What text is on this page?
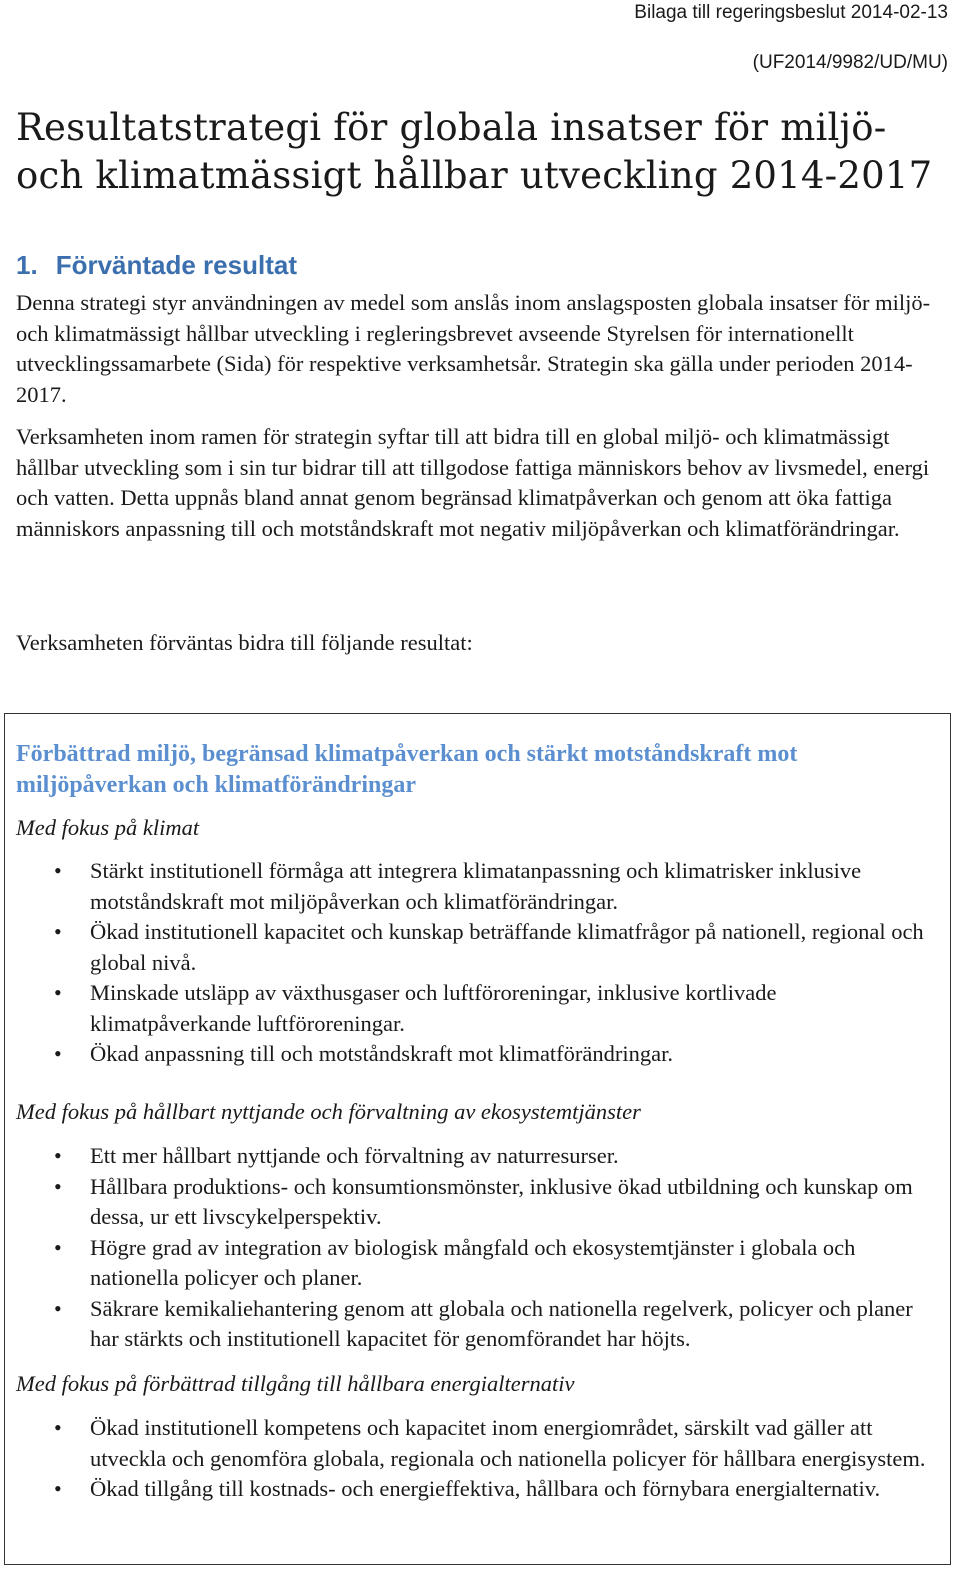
Bilaga till regeringsbeslut 2014-02-13
(UF2014/9982/UD/MU)
Resultatstrategi för globala insatser för miljö- och klimatmässigt hållbar utveckling 2014-2017
1. Förväntade resultat

Denna strategi styr användningen av medel som anslås inom anslagsposten globala insatser för miljö- och klimatmässigt hållbar utveckling i regleringsbrevet avseende Styrelsen för internationellt utvecklingssamarbete (Sida) för respektive verksamhetsår. Strategin ska gälla under perioden 2014-2017.

Verksamheten inom ramen för strategin syftar till att bidra till en global miljö- och klimatmässigt hållbar utveckling som i sin tur bidrar till att tillgodose fattiga människors behov av livsmedel, energi och vatten. Detta uppnås bland annat genom begränsad klimatpåverkan och genom att öka fattiga människors anpassning till och motståndskraft mot negativ miljöpåverkan och klimatförändringar.

Verksamheten förväntas bidra till följande resultat:

Förbättrad miljö, begränsad klimatpåverkan och stärkt motståndskraft mot miljöpåverkan och klimatförändringar

Med fokus på klimat

• Stärkt institutionell förmåga att integrera klimatanpassning och klimatrisker inklusive motståndskraft mot miljöpåverkan och klimatförändringar.
• Ökad institutionell kapacitet och kunskap beträffande klimatfrågor på nationell, regional och global nivå.
• Minskade utsläpp av växthusgaser och luftföroreningar, inklusive kortlivade klimatpåverkande luftföroreningar.
• Ökad anpassning till och motståndskraft mot klimatförändringar.

Med fokus på hållbart nyttjande och förvaltning av ekosystemtjänster

• Ett mer hållbart nyttjande och förvaltning av naturresurser.
• Hållbara produktions- och konsumtionsmönster, inklusive ökad utbildning och kunskap om dessa, ur ett livscykelperspektiv.
• Högre grad av integration av biologisk mångfald och ekosystemtjänster i globala och nationella policyer och planer.
• Säkrare kemikaliehantering genom att globala och nationella regelverk, policyer och planer har stärkts och institutionell kapacitet för genomförandet har höjts.

Med fokus på förbättrad tillgång till hållbara energialternativ

• Ökad institutionell kompetens och kapacitet inom energiområdet, särskilt vad gäller att utveckla och genomföra globala, regionala och nationella policyer för hållbara energisystem.
• Ökad tillgång till kostnads- och energieffektiva, hållbara och förnybara energialternativ.
